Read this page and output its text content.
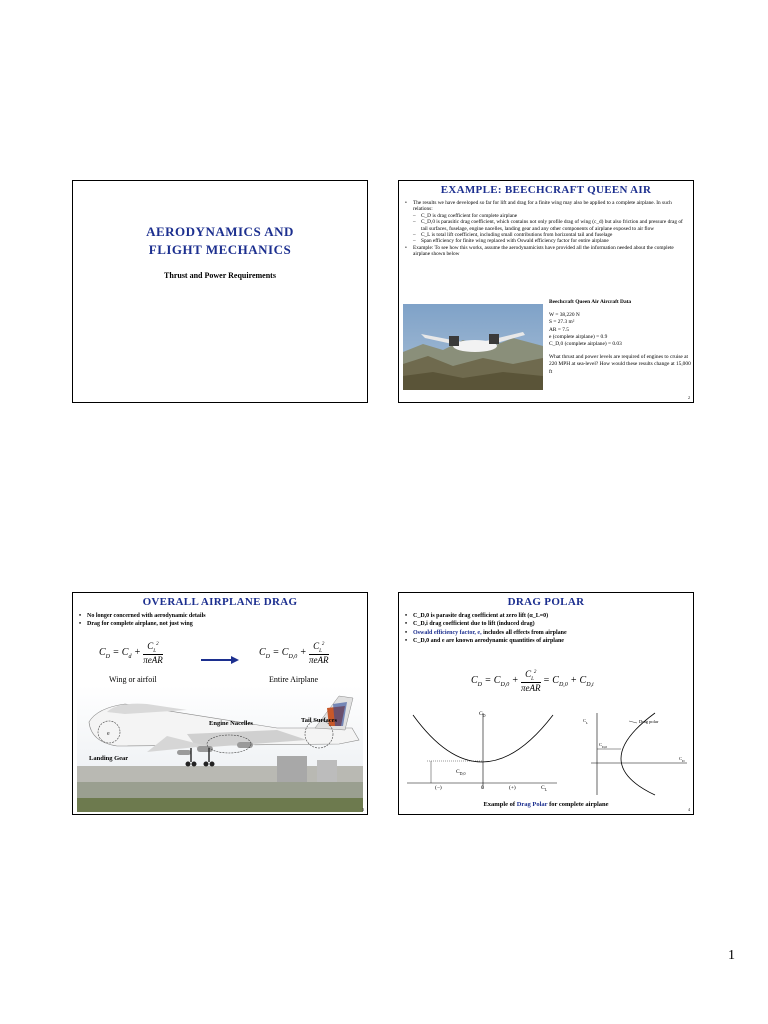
AERODYNAMICS AND
FLIGHT MECHANICS
Thrust and Power Requirements
EXAMPLE: BEECHCRAFT QUEEN AIR
• The results we have developed so far for lift and drag for a finite wing may also be applied to a complete airplane. In such relations:
– C_D is drag coefficient for complete airplane
– C_D,0 is parasitic drag coefficient, which contains not only profile drag of wing (c_d) but also friction and pressure drag of tail surfaces, fuselage, engine nacelles, landing gear and any other components of airplane exposed to air flow
– C_L is total lift coefficient, including small contributions from horizontal tail and fuselage
– Span efficiency for finite wing replaced with Oswald efficiency factor for entire airplane
• Example: To see how this works, assume the aerodynamicists have provided all the information needed about the complete airplane shown below
Beechcraft Queen Air Aircraft Data
W = 38,220 N
S = 27.3 m²
AR = 7.5
e (complete airplane) = 0.9
C_D,0 (complete airplane) = 0.03
What thrust and power levels are required of engines to cruise at 220 MPH at sea-level? How would these results change at 15,000 ft
2
OVERALL AIRPLANE DRAG
• No longer concerned with aerodynamic details
• Drag for complete airplane, not just wing
$C_D = C_d + \frac{C_L^2}{\text{πeAR}}$	$C_D = C_{D,0} + \frac{C_L^2}{\text{πeAR}}$
Wing or airfoil	Entire Airplane
e
Engine Nacelles	Tail Surfaces
Landing Gear
3
DRAG POLAR
• C_D,0 is parasite drag coefficient at zero lift (α_L=0)
• C_D,i drag coefficient due to lift (induced drag)
• Oswald efficiency factor, e, includes all effects from airplane
• C_D,0 and e are known aerodynamic quantities of airplane
$C_D = C_{D,0} + \frac{C_L^2}{\text{πeAR}} = C_{D,0} + C_{D,i}$
$C_D$
$C_{D,0}$
$C_L$
(−)	0	(+)
$C_L$	Drag polar
$C_{D,0}$
$C_D$
Example of Drag Polar for complete airplane
4
1
